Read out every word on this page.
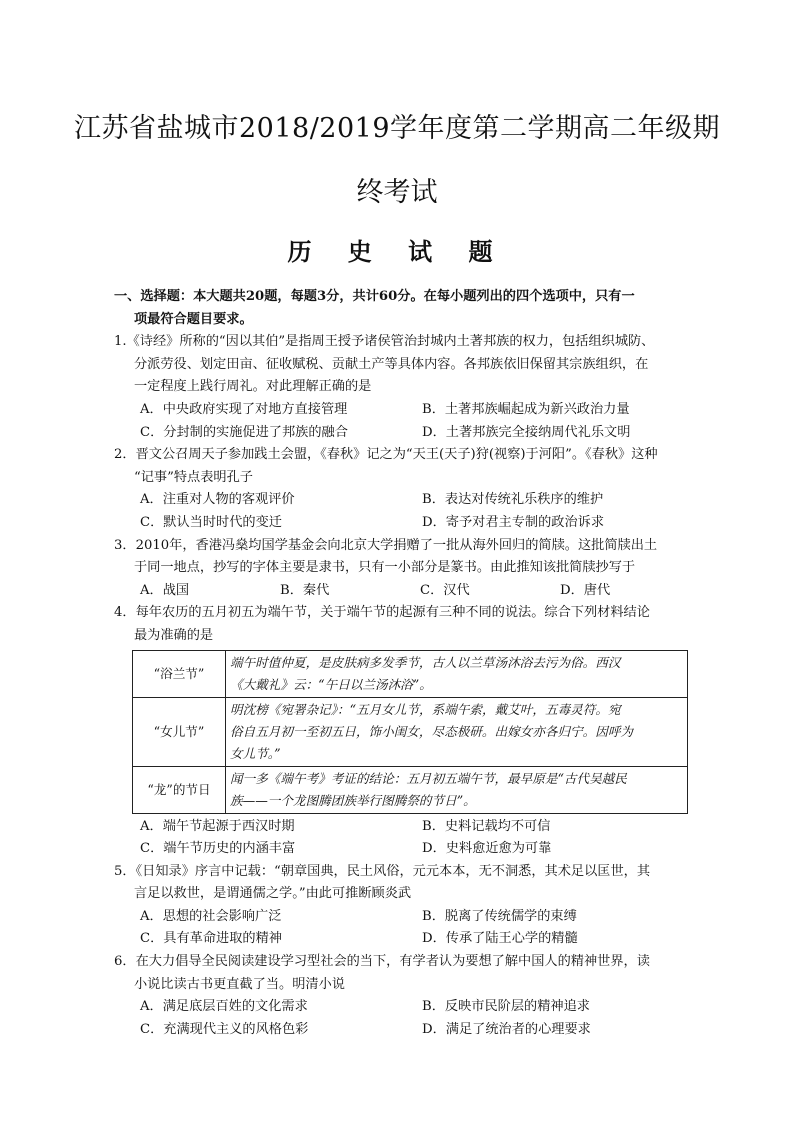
江苏省盐城市2018/2019学年度第二学期高二年级期
终考试
历 史 试 题

一、选择题：本大题共20题，每题3分，共计60分。在每小题列出的四个选项中，只有一

项最符合题目要求。

1.《诗经》所称的“因以其伯”是指周王授予诸侯管治封城内土著邦族的权力，包括组织城防、

分派劳役、划定田亩、征收赋税、贡献土产等具体内容。各邦族依旧保留其宗族组织，在

一定程度上践行周礼。对此理解正确的是

A．中央政府实现了对地方直接管理	B．土著邦族崛起成为新兴政治力量
C．分封制的实施促进了邦族的融合	D．土著邦族完全接纳周代礼乐文明

2．晋文公召周天子参加践土会盟，《春秋》记之为“天王(天子)狩(视察)于河阳”。《春秋》这种

“记事”特点表明孔子

A．注重对人物的客观评价	B．表达对传统礼乐秩序的维护
C．默认当时时代的变迁	D．寄予对君主专制的政治诉求

3．2010年，香港冯燊均国学基金会向北京大学捐赠了一批从海外回归的简牍。这批简牍出土

于同一地点，抄写的字体主要是隶书，只有一小部分是篆书。由此推知该批简牍抄写于

A．战国	B．秦代	C．汉代	D．唐代

4．每年农历的五月初五为端午节，关于端午节的起源有三种不同的说法。综合下列材料结论

最为准确的是

“浴兰节”	端午时值仲夏，是皮肤病多发季节，古人以兰草汤沐浴去污为俗。西汉
《大戴礼》云：“午日以兰汤沐浴”。

“女儿节”	明沈榜《宛署杂记》：“五月女儿节，系端午索，戴艾叶，五毒灵符。宛
俗自五月初一至初五日，饰小闺女，尽态极研。出嫁女亦各归宁。因呼为
女儿节。”

“龙”的节日	闻一多《端午考》考证的结论：五月初五端午节，最早原是“古代吴越民
族——一个龙图腾团族举行图腾祭的节日”。
A．端午节起源于西汉时期	B．史料记载均不可信
C．端午节历史的内涵丰富	D．史料愈近愈为可靠

5．《日知录》序言中记载：“朝章国典，民土风俗，元元本本，无不洞悉，其术足以匡世，其

言足以救世，是谓通儒之学。”由此可推断顾炎武

A．思想的社会影响广泛	B．脱离了传统儒学的束缚
C．具有革命进取的精神	D．传承了陆王心学的精髓

6．在大力倡导全民阅读建设学习型社会的当下，有学者认为要想了解中国人的精神世界，读

小说比读古书更直截了当。明清小说

A．满足底层百姓的文化需求	B．反映市民阶层的精神追求
C．充满现代主义的风格色彩	D．满足了统治者的心理要求
